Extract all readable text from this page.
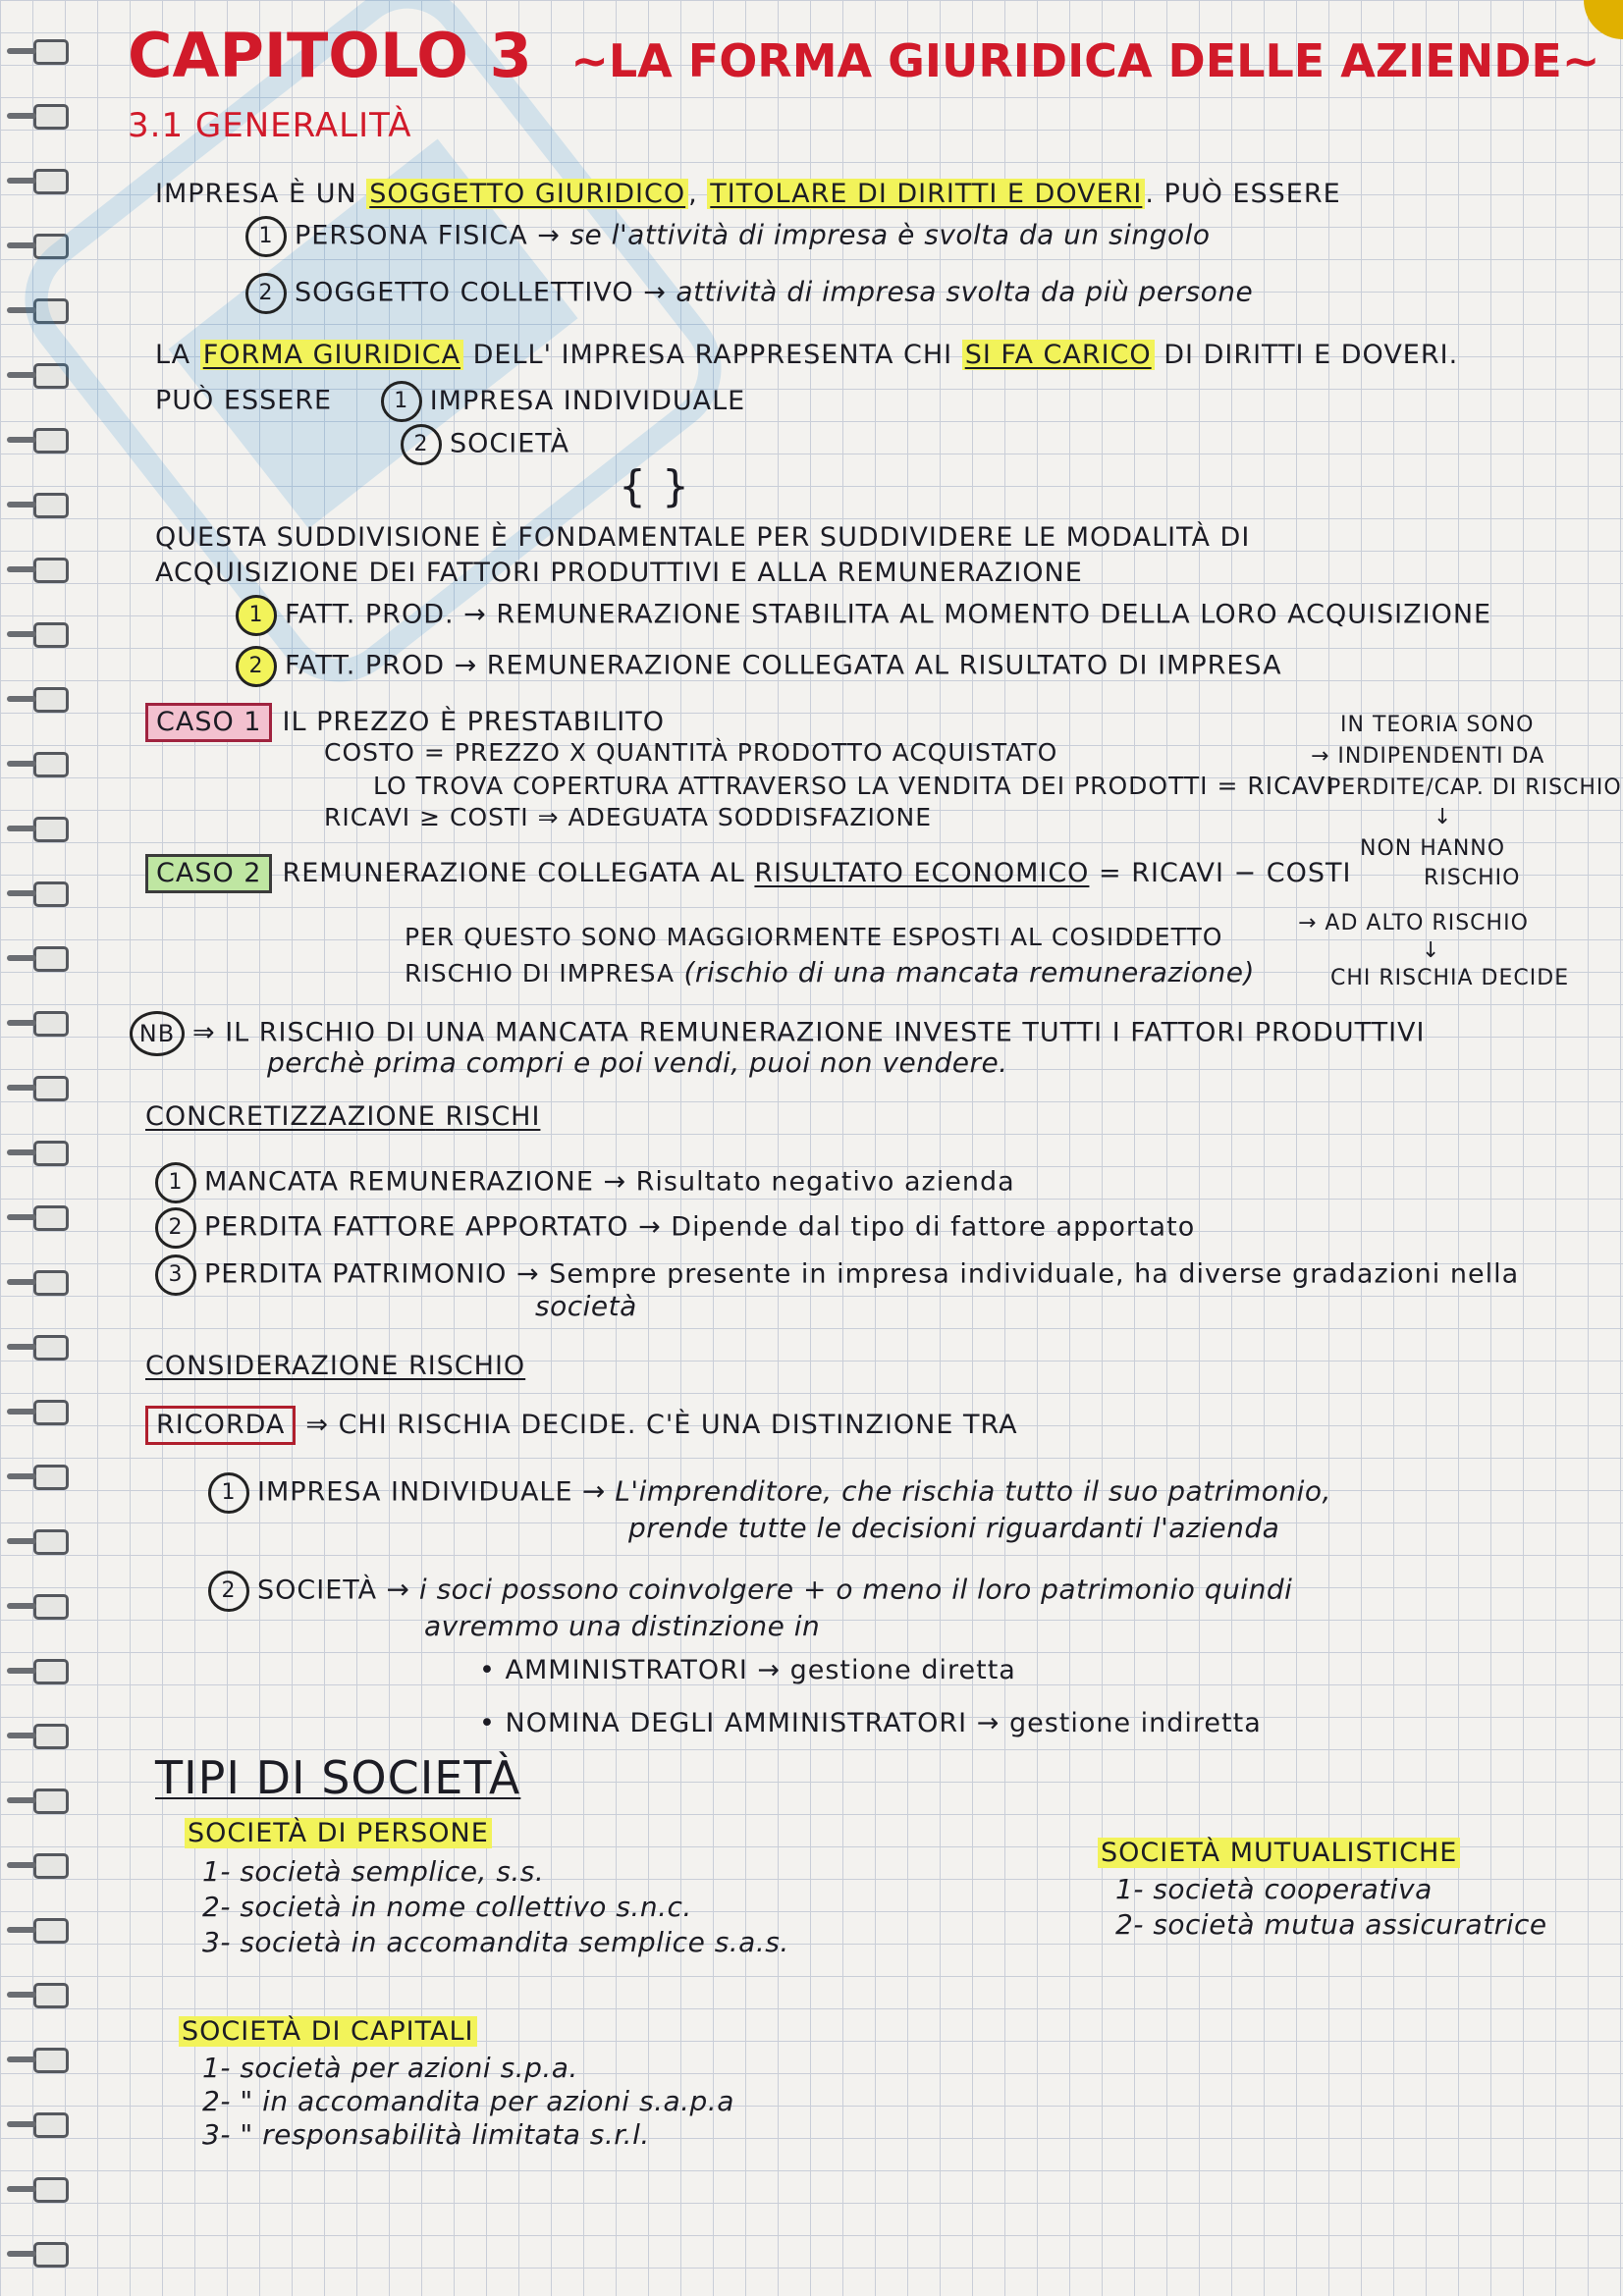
CAPITOLO 3 ~LA FORMA GIURIDICA DELLE AZIENDE~
3.1 GENERALITÀ
IMPRESA È UN SOGGETTO GIURIDICO , TITOLARE DI DIRITTI E DOVERI . PUÒ ESSERE
1 PERSONA FISICA → se l'attività di impresa è svolta da un singolo
2 SOGGETTO COLLETTIVO → attività di impresa svolta da più persone
LA FORMA GIURIDICA DELL' IMPRESA RAPPRESENTA CHI SI FA CARICO DI DIRITTI E DOVERI.
PUÒ ESSERE	1 IMPRESA INDIVIDUALE
2 SOCIETÀ
{ }
QUESTA SUDDIVISIONE È FONDAMENTALE PER SUDDIVIDERE LE MODALITÀ DI
ACQUISIZIONE DEI FATTORI PRODUTTIVI E ALLA REMUNERAZIONE
1 FATT. PROD. → REMUNERAZIONE STABILITA AL MOMENTO DELLA LORO ACQUISIZIONE
2 FATT. PROD → REMUNERAZIONE COLLEGATA AL RISULTATO DI IMPRESA
CASO 1 IL PREZZO È PRESTABILITO
COSTO = PREZZO X QUANTITÀ PRODOTTO ACQUISTATO
LO TROVA COPERTURA ATTRAVERSO LA VENDITA DEI PRODOTTI = RICAVI
RICAVI ≥ COSTI ⇒ ADEGUATA SODDISFAZIONE
IN TEORIA SONO
→ INDIPENDENTI DA
PERDITE/CAP. DI RISCHIO
↓
NON HANNO
RISCHIO
CASO 2 REMUNERAZIONE COLLEGATA AL RISULTATO ECONOMICO = RICAVI − COSTI
PER QUESTO SONO MAGGIORMENTE ESPOSTI AL COSIDDETTO
RISCHIO DI IMPRESA (rischio di una mancata remunerazione)
→ AD ALTO RISCHIO
↓
CHI RISCHIA DECIDE
NB ⇒ IL RISCHIO DI UNA MANCATA REMUNERAZIONE INVESTE TUTTI I FATTORI PRODUTTIVI
perchè prima compri e poi vendi, puoi non vendere.
CONCRETIZZAZIONE RISCHI
1 MANCATA REMUNERAZIONE → Risultato negativo azienda
2 PERDITA FATTORE APPORTATO → Dipende dal tipo di fattore apportato
3 PERDITA PATRIMONIO → Sempre presente in impresa individuale, ha diverse gradazioni nella
società
CONSIDERAZIONE RISCHIO
RICORDA ⇒ CHI RISCHIA DECIDE. C'È UNA DISTINZIONE TRA
1 IMPRESA INDIVIDUALE → L'imprenditore, che rischia tutto il suo patrimonio,
prende tutte le decisioni riguardanti l'azienda
2 SOCIETÀ → i soci possono coinvolgere + o meno il loro patrimonio quindi
avremmo una distinzione in
• AMMINISTRATORI → gestione diretta
• NOMINA DEGLI AMMINISTRATORI → gestione indiretta
TIPI DI SOCIETÀ
SOCIETÀ DI PERSONE
1- società semplice, s.s.
2- società in nome collettivo s.n.c.
3- società in accomandita semplice s.a.s.
SOCIETÀ MUTUALISTICHE
1- società cooperativa
2- società mutua assicuratrice
SOCIETÀ DI CAPITALI
1- società per azioni s.p.a.
2- " in accomandita per azioni s.a.p.a
3- " responsabilità limitata s.r.l.
